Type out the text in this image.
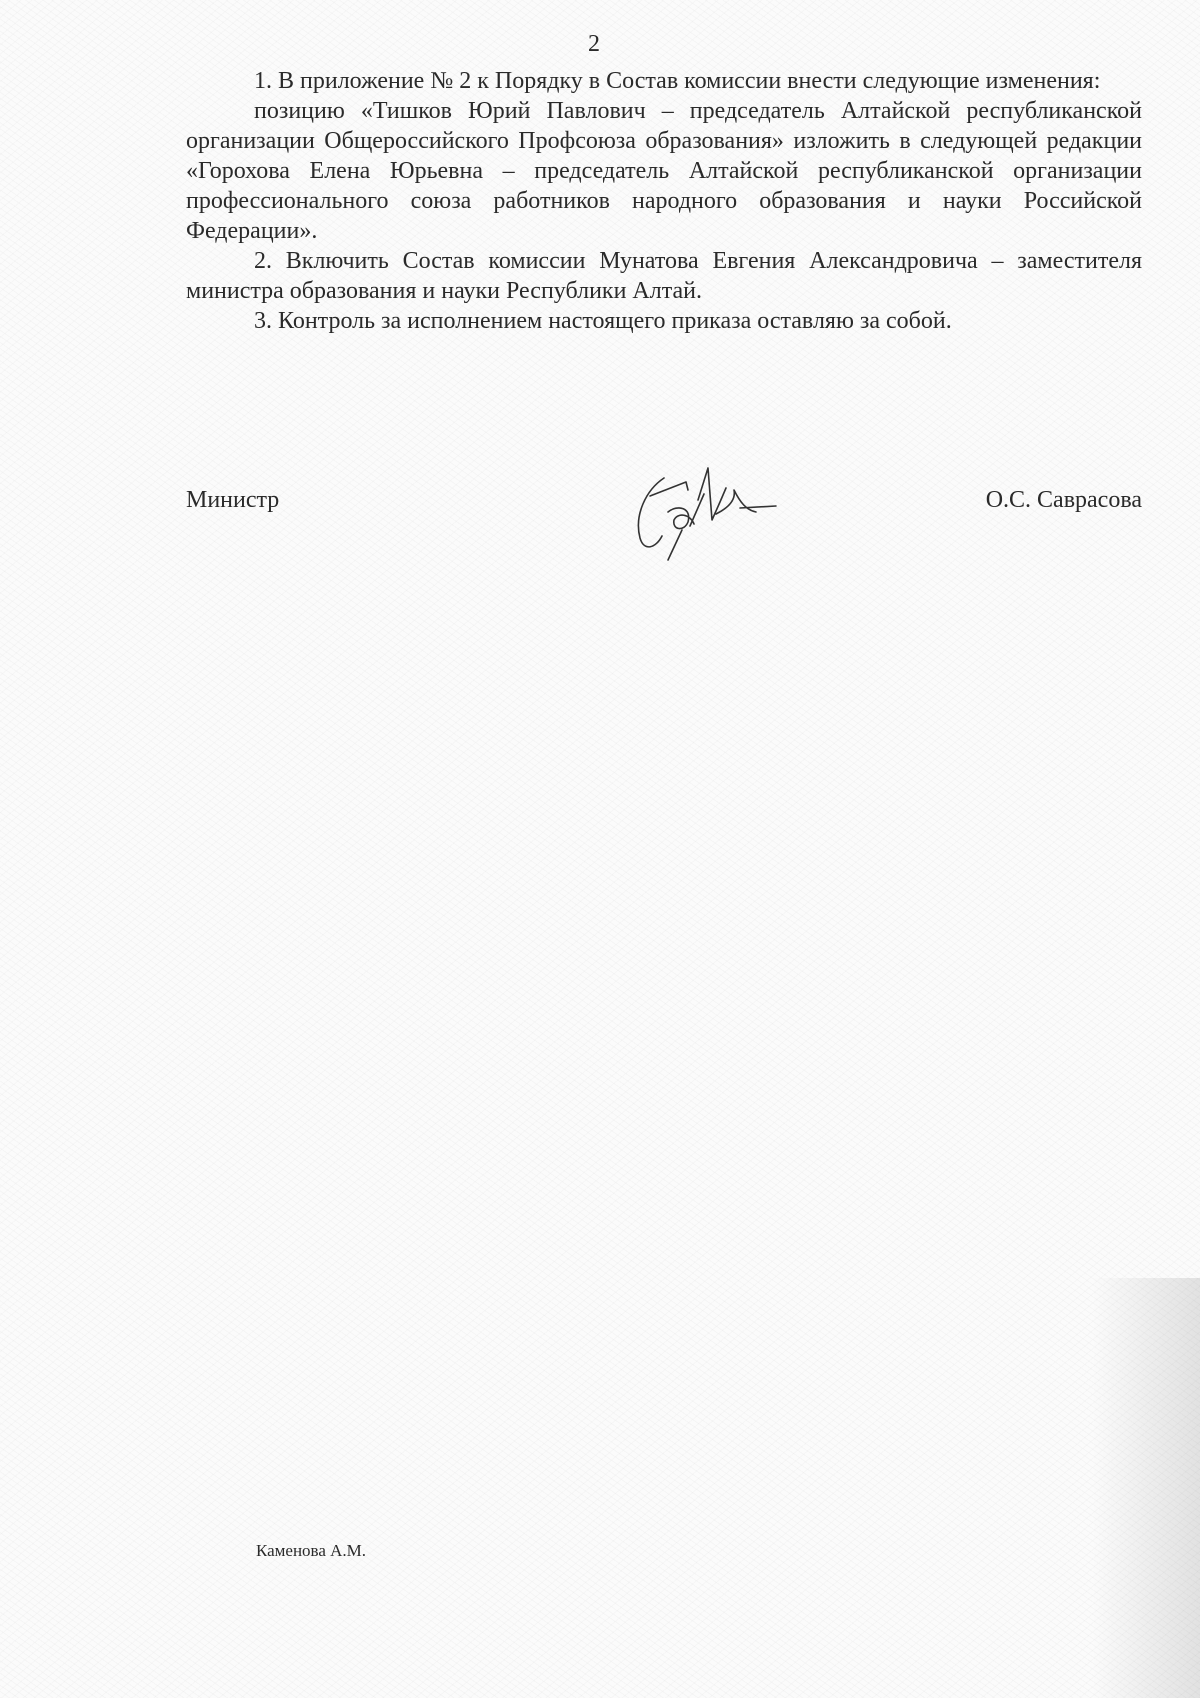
2

1. В приложение № 2 к Порядку в Состав комиссии внести следующие изменения:

позицию «Тишков Юрий Павлович – председатель Алтайской республиканской организации Общероссийского Профсоюза образования» изложить в следующей редакции «Горохова Елена Юрьевна – председатель Алтайской республиканской организации профессионального союза работников народного образования и науки Российской Федерации».

2. Включить Состав комиссии Мунатова Евгения Александровича – заместителя министра образования и науки Республики Алтай.

3. Контроль за исполнением настоящего приказа оставляю за собой.

Министр	О.С. Саврасова
Каменова А.М.
